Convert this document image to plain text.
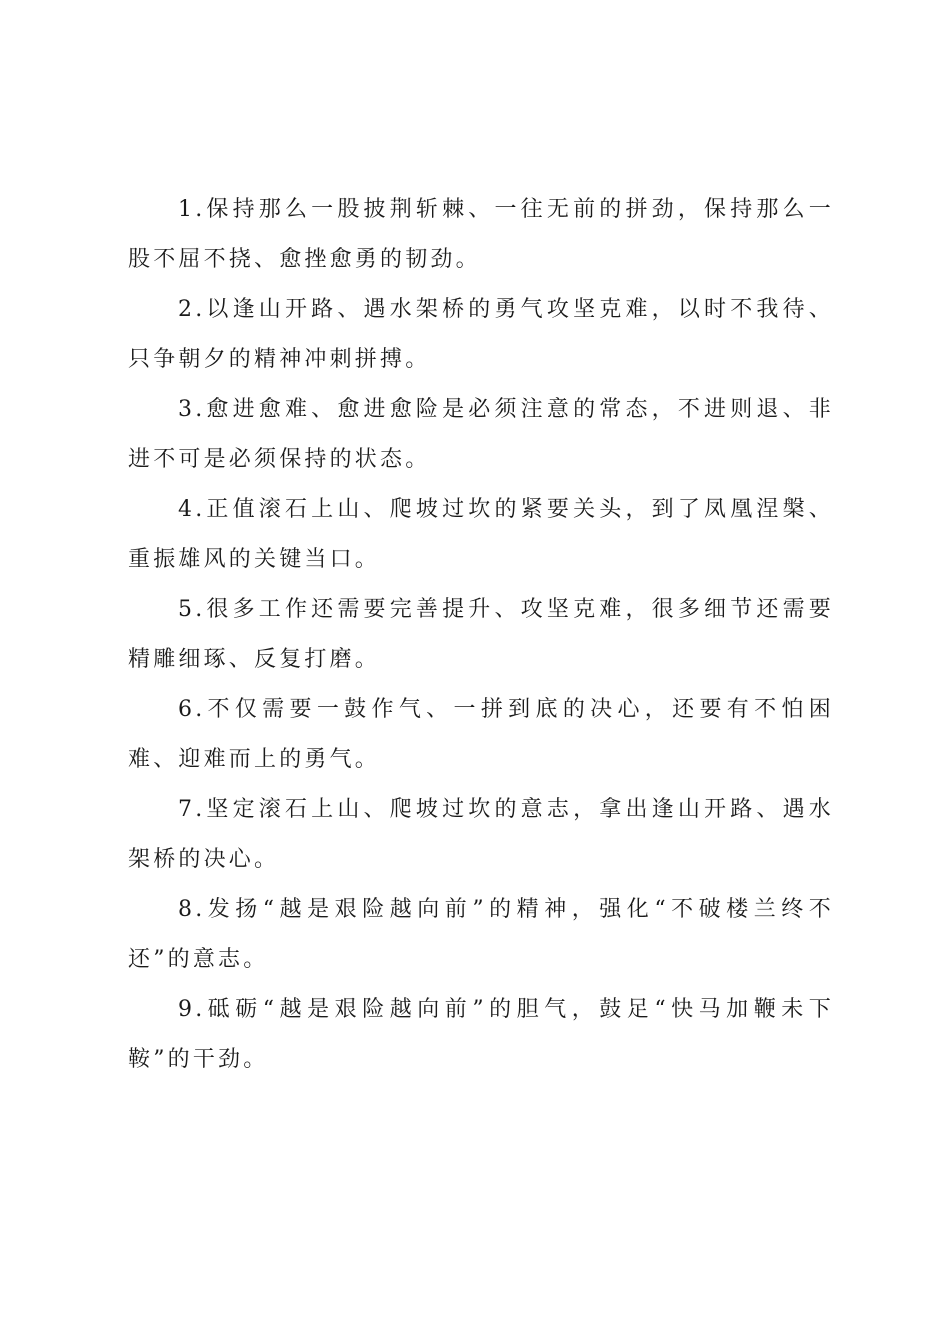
1.保持那么一股披荆斩棘、一往无前的拼劲，保持那么一股不屈不挠、愈挫愈勇的韧劲。

2.以逢山开路、遇水架桥的勇气攻坚克难，以时不我待、只争朝夕的精神冲刺拼搏。

3.愈进愈难、愈进愈险是必须注意的常态，不进则退、非进不可是必须保持的状态。

4.正值滚石上山、爬坡过坎的紧要关头，到了凤凰涅槃、重振雄风的关键当口。

5.很多工作还需要完善提升、攻坚克难，很多细节还需要精雕细琢、反复打磨。

6.不仅需要一鼓作气、一拼到底的决心，还要有不怕困难、迎难而上的勇气。

7.坚定滚石上山、爬坡过坎的意志，拿出逢山开路、遇水架桥的决心。

8.发扬“越是艰险越向前”的精神，强化“不破楼兰终不还”的意志。

9.砥砺“越是艰险越向前”的胆气，鼓足“快马加鞭未下鞍”的干劲。
